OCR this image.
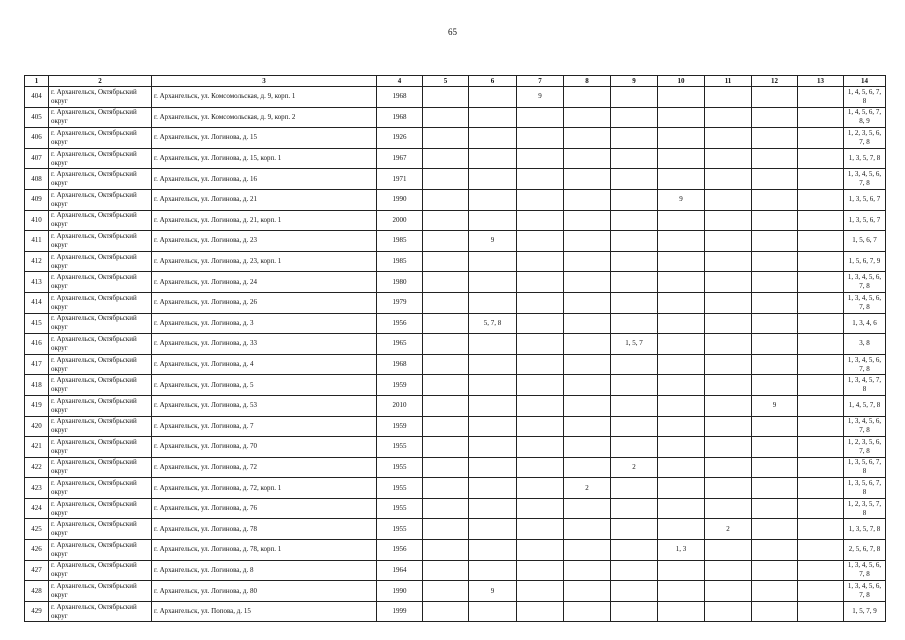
65
1	2	3	4	5	6	7	8	9	10	11	12	13	14
404	г. Архангельск, Октябрьский округ	г. Архангельск, ул. Комсомольская, д. 9, корп. 1	1968			9							1, 4, 5, 6, 7, 8
405	г. Архангельск, Октябрьский округ	г. Архангельск, ул. Комсомольская, д. 9, корп. 2	1968										1, 4, 5, 6, 7, 8, 9
406	г. Архангельск, Октябрьский округ	г. Архангельск, ул. Логинова, д. 15	1926										1, 2, 3, 5, 6, 7, 8
407	г. Архангельск, Октябрьский округ	г. Архангельск, ул. Логинова, д. 15, корп. 1	1967										1, 3, 5, 7, 8
408	г. Архангельск, Октябрьский округ	г. Архангельск, ул. Логинова, д. 16	1971										1, 3, 4, 5, 6, 7, 8
409	г. Архангельск, Октябрьский округ	г. Архангельск, ул. Логинова, д. 21	1990						9				1, 3, 5, 6, 7
410	г. Архангельск, Октябрьский округ	г. Архангельск, ул. Логинова, д. 21, корп. 1	2000										1, 3, 5, 6, 7
411	г. Архангельск, Октябрьский округ	г. Архангельск, ул. Логинова, д. 23	1985		9								1, 5, 6, 7
412	г. Архангельск, Октябрьский округ	г. Архангельск, ул. Логинова, д. 23, корп. 1	1985										1, 5, 6, 7, 9
413	г. Архангельск, Октябрьский округ	г. Архангельск, ул. Логинова, д. 24	1980										1, 3, 4, 5, 6, 7, 8
414	г. Архангельск, Октябрьский округ	г. Архангельск, ул. Логинова, д. 26	1979										1, 3, 4, 5, 6, 7, 8
415	г. Архангельск, Октябрьский округ	г. Архангельск, ул. Логинова, д. 3	1956		5, 7, 8								1, 3, 4, 6
416	г. Архангельск, Октябрьский округ	г. Архангельск, ул. Логинова, д. 33	1965					1, 5, 7					3, 8
417	г. Архангельск, Октябрьский округ	г. Архангельск, ул. Логинова, д. 4	1968										1, 3, 4, 5, 6, 7, 8
418	г. Архангельск, Октябрьский округ	г. Архангельск, ул. Логинова, д. 5	1959										1, 3, 4, 5, 7, 8
419	г. Архангельск, Октябрьский округ	г. Архангельск, ул. Логинова, д. 53	2010								9		1, 4, 5, 7, 8
420	г. Архангельск, Октябрьский округ	г. Архангельск, ул. Логинова, д. 7	1959										1, 3, 4, 5, 6, 7, 8
421	г. Архангельск, Октябрьский округ	г. Архангельск, ул. Логинова, д. 70	1955										1, 2, 3, 5, 6, 7, 8
422	г. Архангельск, Октябрьский округ	г. Архангельск, ул. Логинова, д. 72	1955					2					1, 3, 5, 6, 7, 8
423	г. Архангельск, Октябрьский округ	г. Архангельск, ул. Логинова, д. 72, корп. 1	1955				2						1, 3, 5, 6, 7, 8
424	г. Архангельск, Октябрьский округ	г. Архангельск, ул. Логинова, д. 76	1955										1, 2, 3, 5, 7, 8
425	г. Архангельск, Октябрьский округ	г. Архангельск, ул. Логинова, д. 78	1955							2			1, 3, 5, 7, 8
426	г. Архангельск, Октябрьский округ	г. Архангельск, ул. Логинова, д. 78, корп. 1	1956						1, 3				2, 5, 6, 7, 8
427	г. Архангельск, Октябрьский округ	г. Архангельск, ул. Логинова, д. 8	1964										1, 3, 4, 5, 6, 7, 8
428	г. Архангельск, Октябрьский округ	г. Архангельск, ул. Логинова, д. 80	1990		9								1, 3, 4, 5, 6, 7, 8
429	г. Архангельск, Октябрьский округ	г. Архангельск, ул. Попова, д. 15	1999										1, 5, 7, 9
